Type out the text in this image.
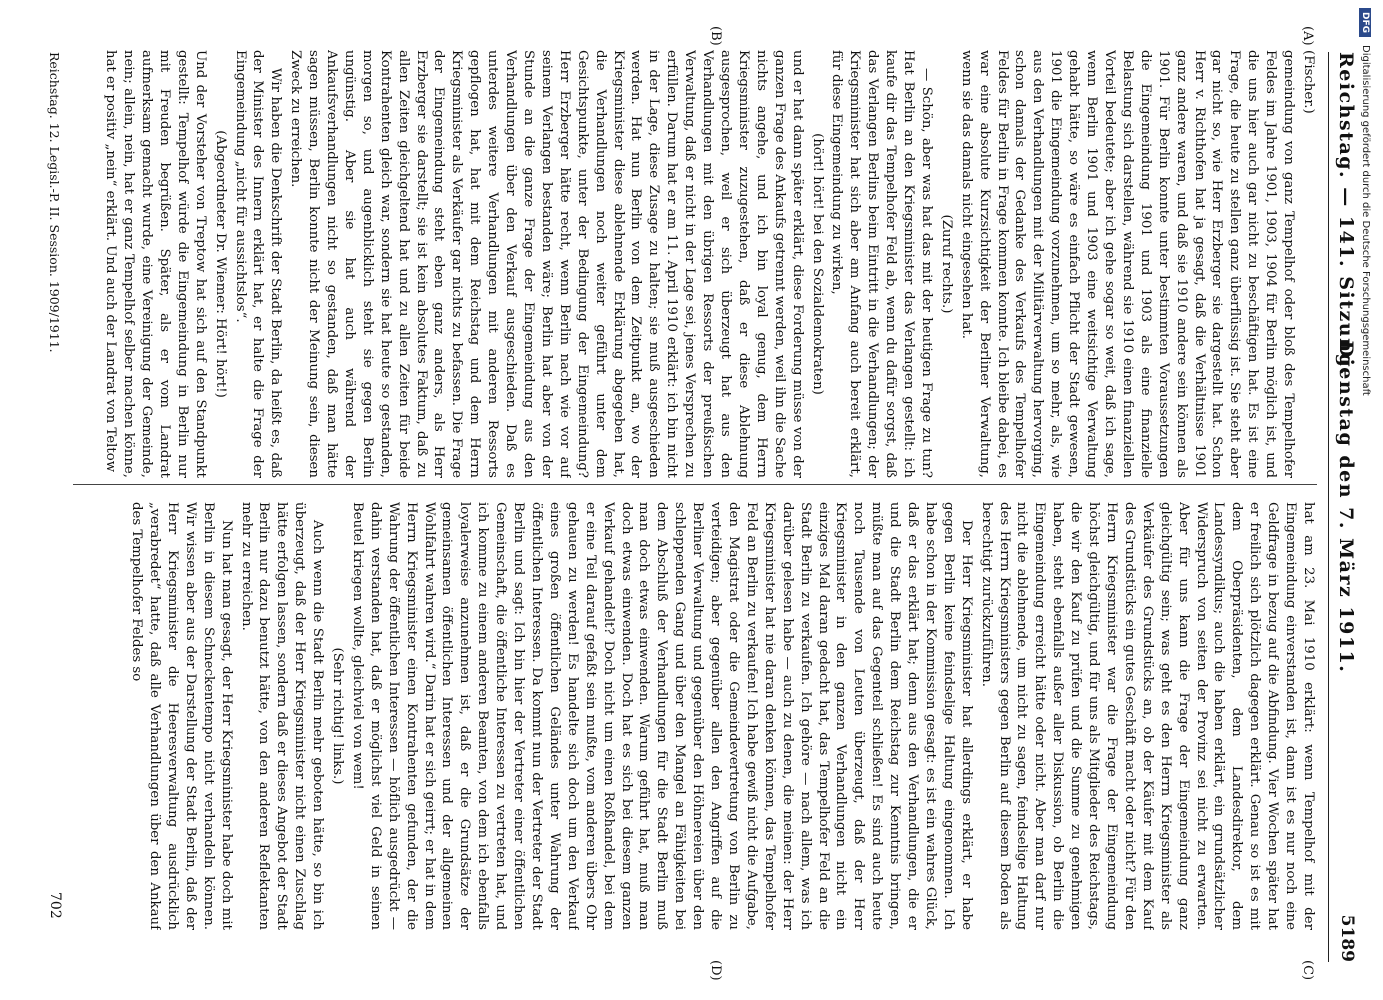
Reichstag. — 141. Sitzung.
Dienstag den 7. März 1911.
5189
(A)
(B)
(C)
(D)

(Fischer.)

gemeindung von ganz Tempelhof oder bloß des Tempelhofer Feldes im Jahre 1901, 1903, 1904 für Berlin möglich ist, und die uns hier auch gar nicht zu beschäftigen hat. Es ist eine Frage, die heute zu stellen ganz überflüssig ist. Sie steht aber gar nicht so, wie Herr Erzberger sie dargestellt hat. Schon Herr v. Richthofen hat ja gesagt, daß die Verhältnisse 1901 ganz andere waren, und daß sie 1910 andere sein können als 1901. Für Berlin konnte unter bestimmten Voraussetzungen die Eingemeindung 1901 und 1903 als eine finanzielle Belastung sich darstellen, während sie 1910 einen finanziellen Vorteil bedeutete; aber ich gehe sogar so weit, daß ich sage, wenn Berlin 1901 und 1903 eine weitsichtige Verwaltung gehabt hätte, so wäre es einfach Pflicht der Stadt gewesen, 1901 die Eingemeindung vorzunehmen, um so mehr, als, wie aus den Verhandlungen mit der Militärverwaltung hervorging, schon damals der Gedanke des Verkaufs des Tempelhofer Feldes für Berlin in Frage kommen konnte. Ich bleibe dabei, es war eine absolute Kurzsichtigkeit der Berliner Verwaltung, wenn sie das damals nicht eingesehen hat.

(Zuruf rechts.)

— Schön, aber was hat das mit der heutigen Frage zu tun? Hat Berlin an den Kriegsminister das Verlangen gestellt: ich kaufe dir das Tempelhofer Feld ab, wenn du dafür sorgst, daß das Verlangen Berlins beim Eintritt in die Verhandlungen; der Kriegsminister hat sich aber am Anfang auch bereit erklärt, für diese Eingemeindung zu wirken,

(hört! hört! bei den Sozialdemokraten)

und er hat dann später erklärt, diese Forderung müsse von der ganzen Frage des Ankaufs getrennt werden, weil ihn die Sache nichts angehe, und ich bin loyal genug, dem Herrn Kriegsminister zuzugestehen, daß er diese Ablehnung ausgesprochen, weil er sich überzeugt hat aus den Verhandlungen mit den übrigen Ressorts der preußischen Verwaltung, daß er nicht in der Lage sei, jenes Versprechen zu erfüllen. Darum hat er am 11. April 1910 erklärt: ich bin nicht in der Lage, diese Zusage zu halten; sie muß ausgeschieden werden. Hat nun Berlin von dem Zeitpunkt an, wo der Kriegsminister diese ablehnende Erklärung abgegeben hat, die Verhandlungen noch weiter geführt unter dem Gesichtspunkte, unter der Bedingung der Eingemeindung? Herr Erzberger hätte recht, wenn Berlin nach wie vor auf seinem Verlangen bestanden wäre; Berlin hat aber von der Stunde an die ganze Frage der Eingemeindung aus den Verhandlungen über den Verkauf ausgeschieden. Daß es unterdes weitere Verhandlungen mit anderen Ressorts gepflogen hat, hat mit dem Reichstag und dem Herrn Kriegsminister als Verkäufer gar nichts zu befassen. Die Frage der Eingemeindung steht eben ganz anders, als Herr Erzberger sie darstellt; sie ist kein absolutes Faktum, daß zu allen Zeiten gleichgeltend hat und zu allen Zeiten für beide Kontrahenten gleich war, sondern sie hat heute so gestanden, morgen so, und augenblicklich steht sie gegen Berlin ungünstig. Aber sie hat auch während der Ankaufsverhandlungen nicht so gestanden, daß man hätte sagen müssen, Berlin konnte nicht der Meinung sein, diesen Zweck zu erreichen.

Wir haben die Denkschrift der Stadt Berlin, da heißt es, daß der Minister des Innern erklärt hat, er halte die Frage der Eingemeindung „nicht für aussichtslos“.

(Abgeordneter Dr. Wiemer: Hört! hört!)

Und der Vorsteher von Treptow hat sich auf den Standpunkt gestellt: Tempelhof würde die Eingemeindung in Berlin nur mit Freuden begrüßen. Später, als er vom Landrat aufmerksam gemacht wurde, eine Vereinigung der Gemeinde, nein; allein, nein, hat er ganz Tempelhof selber machen könne, hat er positiv „nein“ erklärt. Und auch der Landrat von Teltow

hat am 23. Mai 1910 erklärt: wenn Tempelhof mit der Eingemeindung einverstanden ist, dann ist es nur noch eine Geldfrage in bezug auf die Abfindung. Vier Wochen später hat er freilich sich plötzlich dagegen erklärt. Genau so ist es mit dem Oberpräsidenten, dem Landesdirektor, dem Landessyndikus; auch die haben erklärt, ein grundsätzlicher Widerspruch von seiten der Provinz sei nicht zu erwarten. Aber für uns kann die Frage der Eingemeindung ganz gleichgültig sein; was geht es den Herrn Kriegsminister als Verkäufer des Grundstücks an, ob der Käufer mit dem Kauf des Grundstücks ein gutes Geschäft macht oder nicht? Für den Herrn Kriegsminister war die Frage der Eingemeindung höchst gleichgültig, und für uns als Mitglieder des Reichstags, die wir den Kauf zu prüfen und die Summe zu genehmigen haben, steht ebenfalls außer aller Diskussion, ob Berlin die Eingemeindung erreicht hätte oder nicht. Aber man darf nur nicht die ablehnende, um nicht zu sagen, feindselige Haltung des Herrn Kriegsministers gegen Berlin auf diesem Boden als berechtigt zurückzuführen.

Der Herr Kriegsminister hat allerdings erklärt, er habe gegen Berlin keine feindselige Haltung eingenommen. Ich habe schon in der Kommission gesagt: es ist ein wahres Glück, daß er das erklärt hat; denn aus den Verhandlungen, die er und die Stadt Berlin dem Reichstag zur Kenntnis bringen, müßte man auf das Gegenteil schließen! Es sind auch heute noch Tausende von Leuten überzeugt, daß der Herr Kriegsminister in den ganzen Verhandlungen nicht ein einziges Mal daran gedacht hat, das Tempelhofer Feld an die Stadt Berlin zu verkaufen. Ich gehöre — nach allem, was ich darüber gelesen habe — auch zu denen, die meinen: der Herr Kriegsminister hat nie daran denken können, das Tempelhofer Feld an Berlin zu verkaufen! Ich habe gewiß nicht die Aufgabe, den Magistrat oder die Gemeindevertretung von Berlin zu verteidigen; aber gegenüber allen den Angriffen auf die Berliner Verwaltung und gegenüber den Höhnereien über den schleppenden Gang und über den Mangel an Fähigkeiten bei dem Abschluß der Verhandlungen für die Stadt Berlin muß man doch etwas einwenden. Warum geführt hat, muß man doch etwas einwenden. Doch hat es sich bei diesem ganzen Verkauf gehandelt? Doch nicht um einen Roßhandel, bei dem er eine Teil darauf gefaßt sein mußte, vom anderen übers Ohr gehauen zu werden! Es handelte sich doch um den Verkauf eines großen öffentlichen Geländes unter Wahrung der öffentlichen Interessen. Da kommt nun der Vertreter der Stadt Berlin und sagt: Ich bin hier der Vertreter einer öffentlichen Gemeinschaft, die öffentliche Interessen zu vertreten hat, und ich komme zu einem anderen Beamten, von dem ich ebenfalls loyalerweise anzunehmen ist, daß er die Grundsätze der gemeinsamen öffentlichen Interessen und der allgemeinen Wohlfahrt wahren wird.“ Darin hat er sich geirrt; er hat in dem Herrn Kriegsminister einen Kontrahenten gefunden, der die Wahrung der öffentlichen Interessen — höflich ausgedrückt — dahin verstanden hat, daß er möglichst viel Geld in seinen Beutel kriegen wollte, gleichviel von wem!

(Sehr richtig! links.)

Auch wenn die Stadt Berlin mehr geboten hätte, so bin ich überzeugt, daß der Herr Kriegsminister nicht einen Zuschlag hätte erfolgen lassen, sondern daß er dieses Angebot der Stadt Berlin nur dazu benutzt hätte, von den anderen Reflektanten mehr zu erreichen.

Nun hat man gesagt, der Herr Kriegsminister habe doch mit Berlin in diesem Schneckentempo nicht verhandeln können. Wir wissen aber aus der Darstellung der Stadt Berlin, daß der Herr Kriegsminister die Heeresverwaltung ausdrücklich „verabredet“ hatte, daß alle Verhandlungen über den Ankauf des Tempelhofer Feldes so

Reichstag. 12. Legisl.-P. II. Session. 1909/1911.
702
DFGDigitalisierung gefördert durch die Deutsche Forschungsgemeinschaft
